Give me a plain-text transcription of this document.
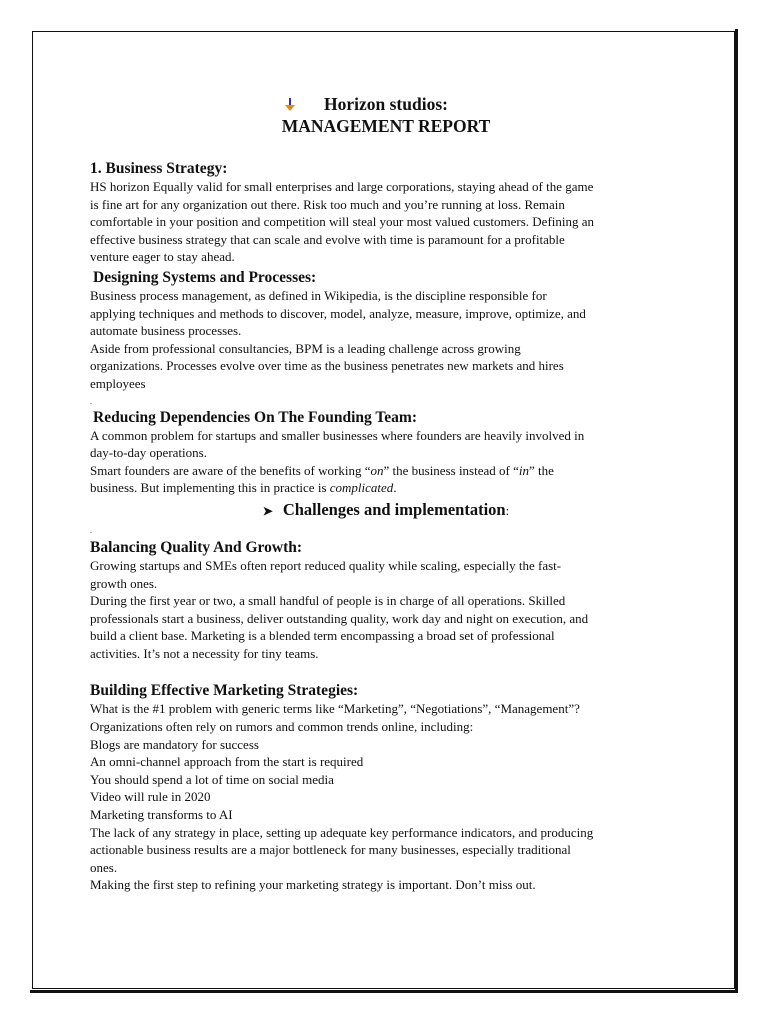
Horizon studios:
MANAGEMENT REPORT
1. Business Strategy:

HS horizon Equally valid for small enterprises and large corporations, staying ahead of the game

is fine art for any organization out there. Risk too much and you’re running at loss. Remain

comfortable in your position and competition will steal your most valued customers. Defining an

effective business strategy that can scale and evolve with time is paramount for a profitable

venture eager to stay ahead.

Designing Systems and Processes:

Business process management, as defined in Wikipedia, is the discipline responsible for

applying techniques and methods to discover, model, analyze, measure, improve, optimize, and

automate business processes.

Aside from professional consultancies, BPM is a leading challenge across growing

organizations. Processes evolve over time as the business penetrates new markets and hires

employees

.
Reducing Dependencies On The Founding Team:

A common problem for startups and smaller businesses where founders are heavily involved in

day-to-day operations.

Smart founders are aware of the benefits of working “on” the business instead of “in” the

business. But implementing this in practice is complicated.

➤ Challenges and implementation:
.
Balancing Quality And Growth:

Growing startups and SMEs often report reduced quality while scaling, especially the fast-

growth ones.

During the first year or two, a small handful of people is in charge of all operations. Skilled

professionals start a business, deliver outstanding quality, work day and night on execution, and

build a client base. Marketing is a blended term encompassing a broad set of professional

activities. It’s not a necessity for tiny teams.

Building Effective Marketing Strategies:

What is the #1 problem with generic terms like “Marketing”, “Negotiations”, “Management”?

Organizations often rely on rumors and common trends online, including:

Blogs are mandatory for success

An omni-channel approach from the start is required

You should spend a lot of time on social media

Video will rule in 2020

Marketing transforms to AI

The lack of any strategy in place, setting up adequate key performance indicators, and producing

actionable business results are a major bottleneck for many businesses, especially traditional

ones.

Making the first step to refining your marketing strategy is important. Don’t miss out.
